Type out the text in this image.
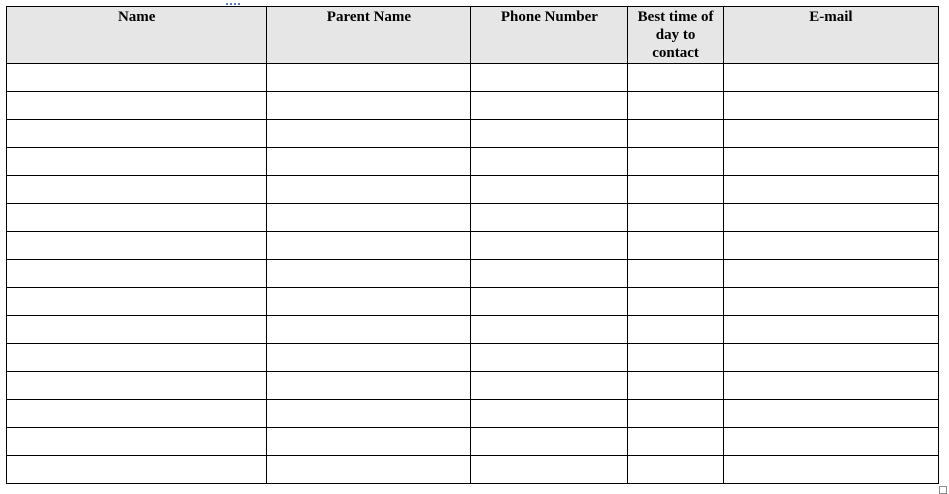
Name	Parent Name	Phone Number	Best time of day to contact	E-mail
